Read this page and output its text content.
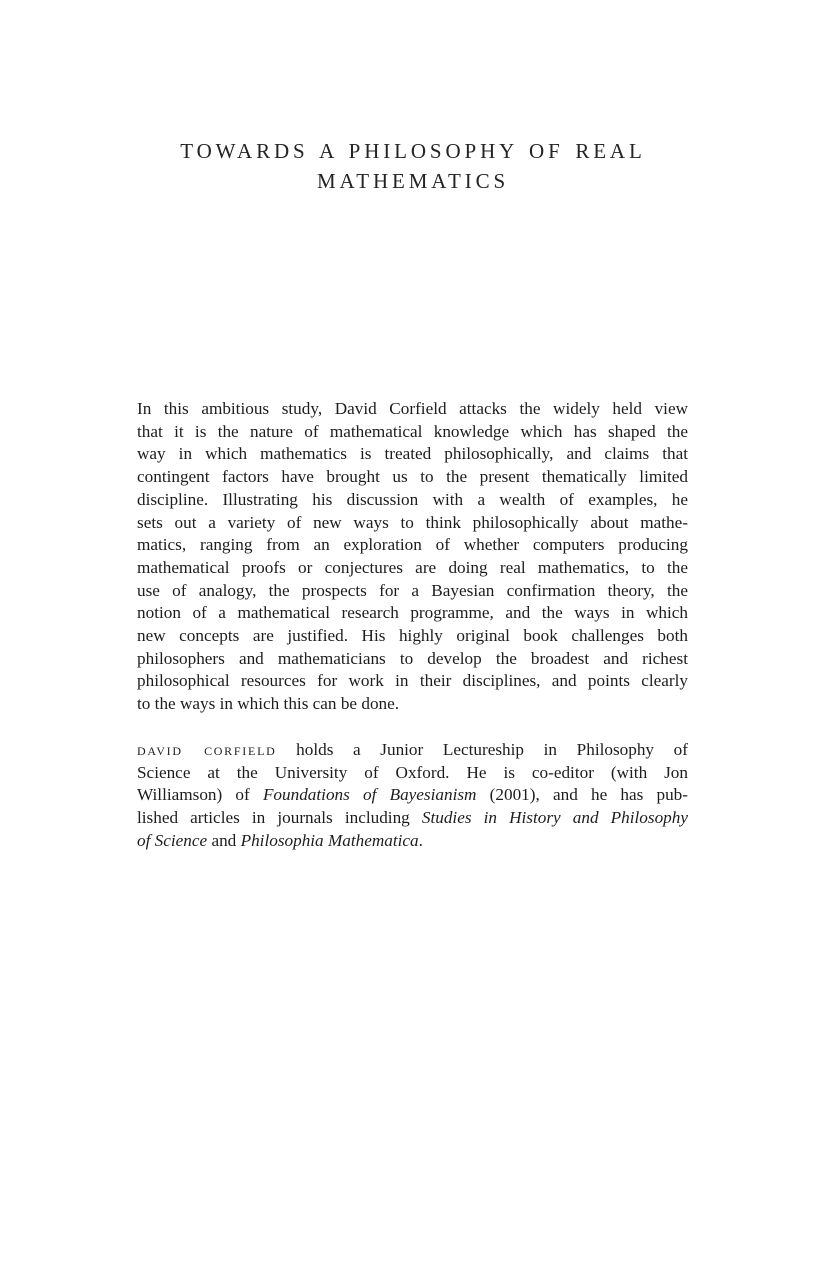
TOWARDS A PHILOSOPHY OF REAL
MATHEMATICS
In this ambitious study, David Corfield attacks the widely held view
that it is the nature of mathematical knowledge which has shaped the
way in which mathematics is treated philosophically, and claims that
contingent factors have brought us to the present thematically limited
discipline. Illustrating his discussion with a wealth of examples, he
sets out a variety of new ways to think philosophically about mathe-
matics, ranging from an exploration of whether computers producing
mathematical proofs or conjectures are doing real mathematics, to the
use of analogy, the prospects for a Bayesian confirmation theory, the
notion of a mathematical research programme, and the ways in which
new concepts are justified. His highly original book challenges both
philosophers and mathematicians to develop the broadest and richest
philosophical resources for work in their disciplines, and points clearly
to the ways in which this can be done.
david corfield holds a Junior Lectureship in Philosophy of
Science at the University of Oxford. He is co-editor (with Jon
Williamson) of Foundations of Bayesianism (2001), and he has pub-
lished articles in journals including Studies in History and Philosophy
of Science and Philosophia Mathematica.
